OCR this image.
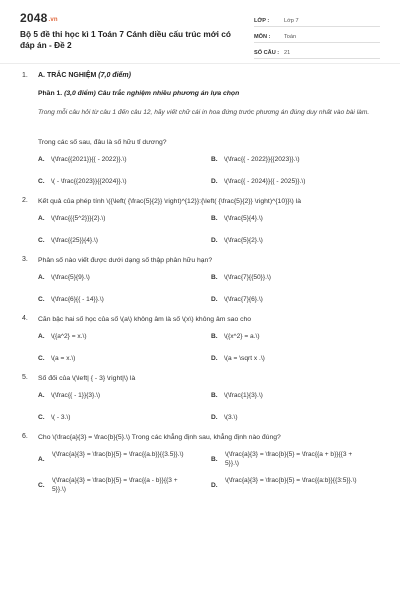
2048.vn
Bộ 5 đề thi học kì 1 Toán 7 Cánh diều cấu trúc mới có đáp án - Đề 2
LỚP :	Lớp 7
MÔN :	Toán
SỐ CÂU : 21
1. A. TRẮC NGHIỆM (7,0 điểm)
Phần 1. (3,0 điểm) Câu trắc nghiệm nhiều phương án lựa chọn
Trong mỗi câu hỏi từ câu 1 đến câu 12, hãy viết chữ cái in hoa đứng trước phương án đúng duy nhất vào bài làm.
Trong các số sau, đâu là số hữu tỉ dương?
A. \(\frac{{2021}}{{ - 2022}}.\)	B. \(\frac{{ - 2022}}{{2023}}.\)
C. \( - \frac{{2023}}{{2024}}.\)	D. \(\frac{{ - 2024}}{{ - 2025}}.\)
2. Kết quả của phép tính \({\left( {\frac{5}{2}} \right)^{12}}:{\left( {\frac{5}{2}} \right)^{10}}\) là
A. \(\frac{{{5^2}}}{2}.\)	B. \(\frac{5}{4}.\)
C. \(\frac{{25}}{4}.\)	D. \(\frac{5}{2}.\)
3. Phân số nào viết được dưới dạng số thập phân hữu hạn?
A. \(\frac{5}{9}.\)	B. \(\frac{7}{{50}}.\)
C. \(\frac{6}{{ - 14}}.\)	D. \(\frac{7}{6}.\)
4. Căn bậc hai số học của số \(a\) không âm là số \(x\) không âm sao cho
A. \({a^2} = x.\)	B. \({x^2} = a.\)
C. \(a = x.\)	D. \(a = \sqrt x .\)
5. Số đối của \(\left| { - 3} \right|\) là
A. \(\frac{{ - 1}}{3}.\)	B. \(\frac{1}{3}.\)
C. \( - 3.\)	D. \(3.\)
6. Cho \(\frac{a}{3} = \frac{b}{5}.\) Trong các khẳng định sau, khẳng định nào đúng?
A.
\(\frac{a}{3} = \frac{b}{5} = \frac{{a.b}}{{3.5}}.\)
B.
\(\frac{a}{3} = \frac{b}{5} = \frac{{a + b}}{{3 + 5}}.\)
C.
\(\frac{a}{3} = \frac{b}{5} = \frac{{a - b}}{{3 + 5}}.\)
D.
\(\frac{a}{3} = \frac{b}{5} = \frac{{a:b}}{{3:5}}.\)
